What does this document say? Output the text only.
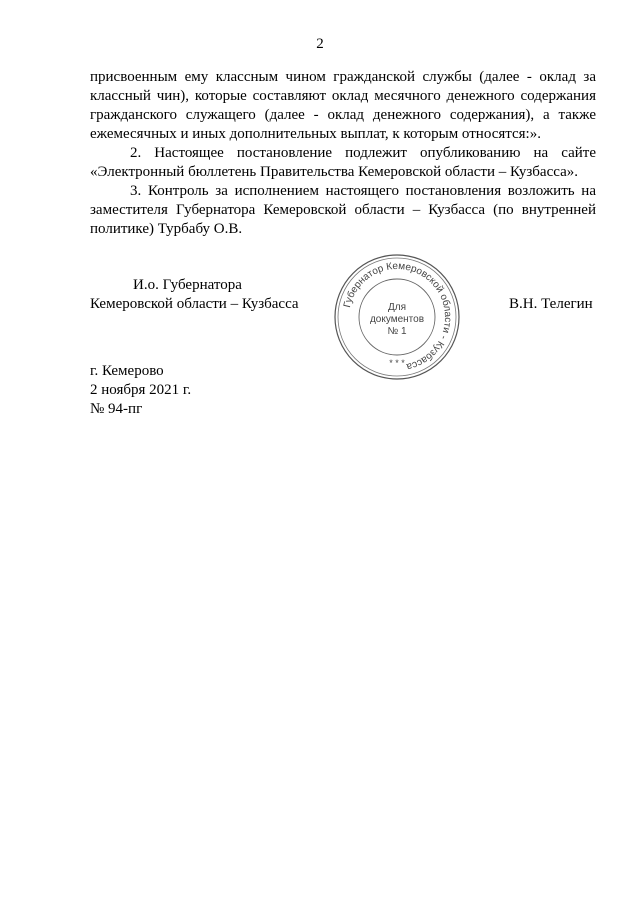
2

присвоенным ему классным чином гражданской службы (далее - оклад за классный чин), которые составляют оклад месячного денежного содержания гражданского служащего (далее - оклад денежного содержания), а также ежемесячных и иных дополнительных выплат, к которым относятся:».

2. Настоящее постановление подлежит опубликованию на сайте «Электронный бюллетень Правительства Кемеровской области – Кузбасса».

3. Контроль за исполнением настоящего постановления возложить на заместителя Губернатора Кемеровской области – Кузбасса (по внутренней политике) Турбабу О.В.

И.о. Губернатора
Кемеровской области – Кузбасса	В.Н. Телегин
Губернатор Кемеровской области - Кузбасса
Для
документов
№ 1
* * *
г. Кемерово
2 ноября 2021 г.
№ 94-пг
